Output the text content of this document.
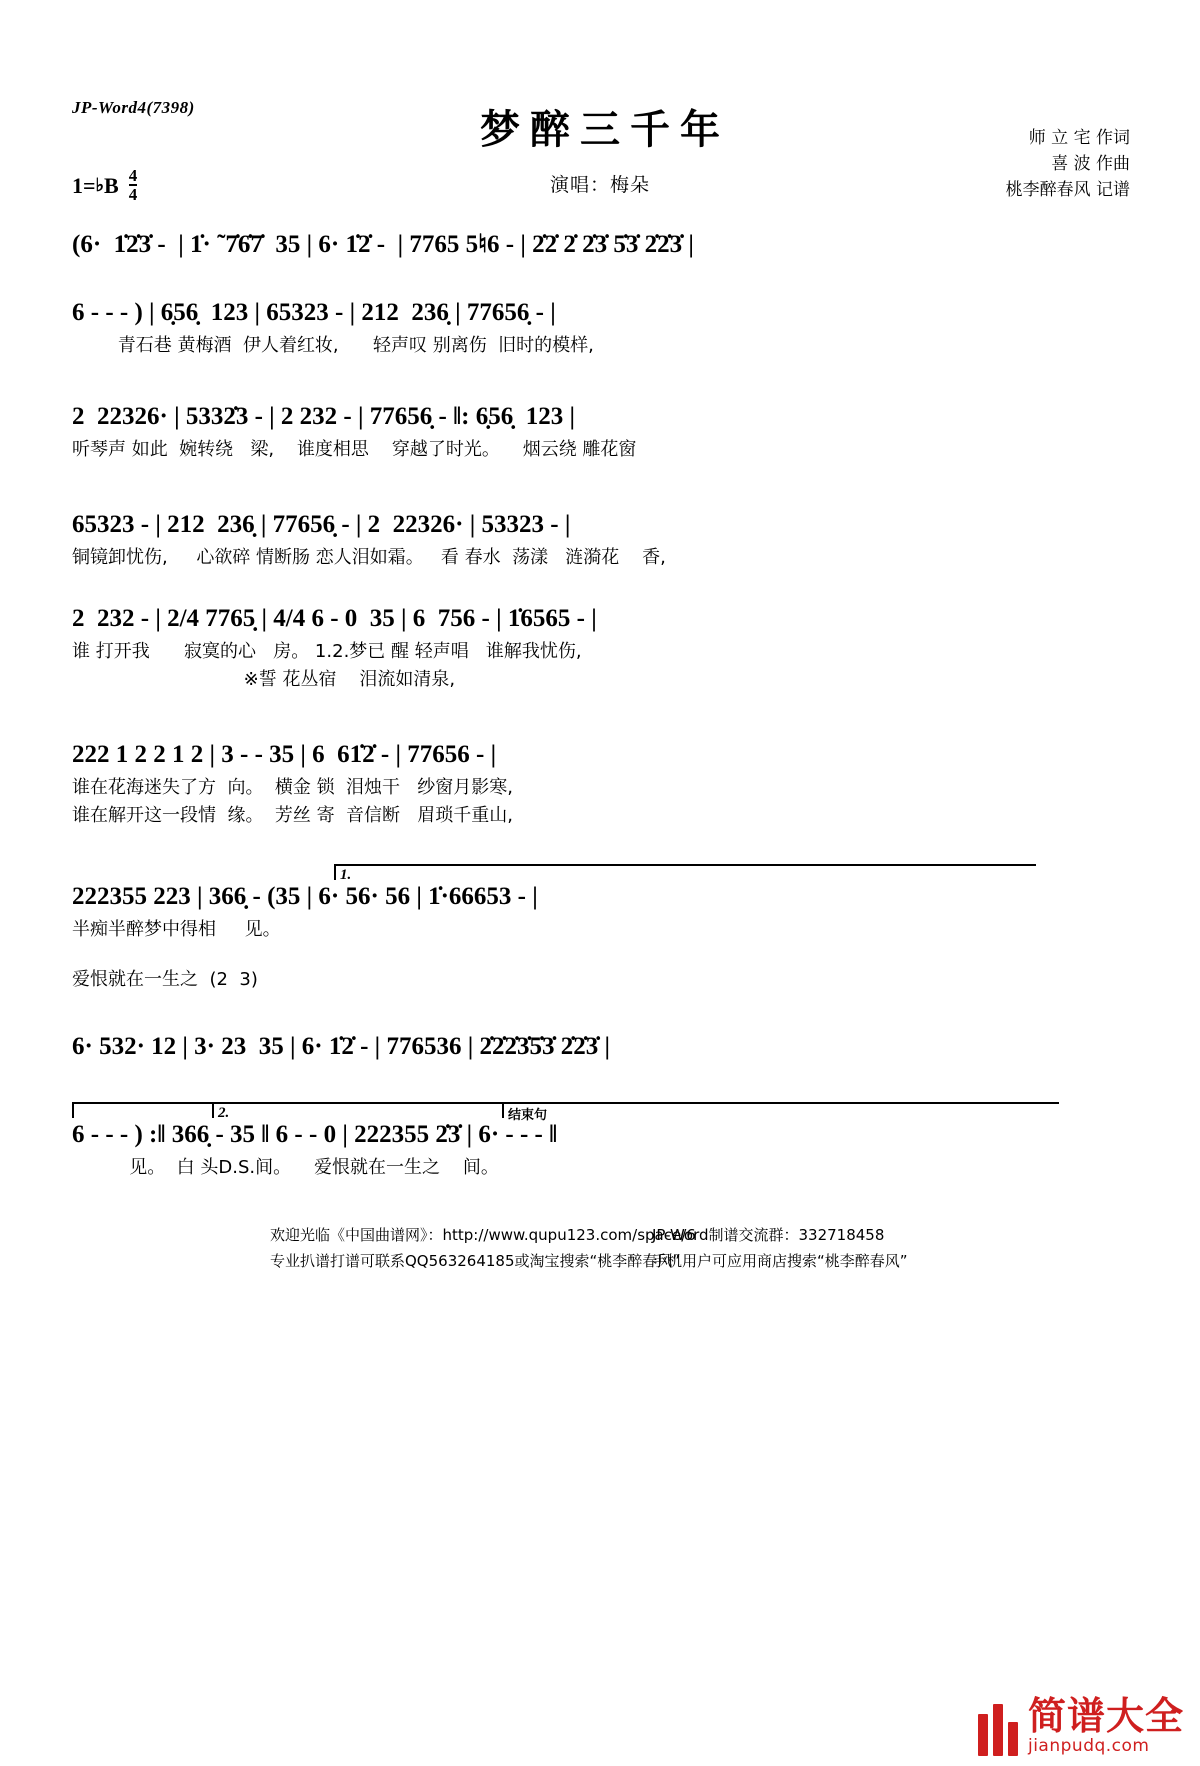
JP-Word4(7398)	梦醉三千年
演唱：梅朵
师 立 宅 作词
喜 波 作曲
桃李醉春风 记谱
1= ♭ B $\frac{4}{4}$
(6·  1̇2̇3̇ -  | 1̇· ˜7̇6̇7̇  35 | 6· 1̇2̇ -  | 7765 5♮6 - | 2̇2̇ 2̇ 2̇3̇ 5̇3̇ 2̇2̇3̇ |
6 - - - ) | 6̣56̣  123 | 65323 - | 212  236̣ | 77656̣ - |
青石巷 黄梅酒  伊人着红妆,      轻声叹 别离伤  旧时的模样,
2  22326· | 5332̇3 - | 2 232 - | 77656̣ - ‖: 6̣56̣  123 |
听琴声 如此  婉转绕   梁,    谁度相思    穿越了时光。    烟云绕 雕花窗
65323 - | 212  236̣ | 77656̣ - | 2  22326· | 53323 - |
铜镜卸忧伤,     心欲碎 情断肠 恋人泪如霜。   看 春水  荡漾   涟漪花    香,
2  232 - | 2/4 7765̣ | 4/4 6 - 0  35 | 6  756 - | 1̇6565 - |
谁 打开我      寂寞的心   房。 1.2.梦已 醒 轻声唱   谁解我忧伤,
※誓 花丛宿    泪流如清泉,
222 1 2 2 1 2 | 3 - - 35 | 6  61̇2̇ - | 77656 - |
谁在花海迷失了方  向。  横金 锁  泪烛干   纱窗月影寒,
谁在解开这一段情  缘。  芳丝 寄  音信断   眉琐千重山,
1.
222355 223 | 366̣ - (35 | 6· 56· 56 | 1̇·66653 - |
半痴半醉梦中得相     见。
爱恨就在一生之  (2  3)
6· 532· 12 | 3· 23  35 | 6· 1̇2̇ - | 776536 | 2̇2̇2̇3̇5̇3̇ 2̇2̇3̇ |
2.	结束句
6 - - - ) :‖ 366̣ - 35 ‖ 6 - - 0 | 222355 2̇3̇ | 6· - - - ‖
见。  白 头D.S.间。    爱恨就在一生之    间。
欢迎光临《中国曲谱网》：http://www.qupu123.com/space/6
专业扒谱打谱可联系QQ563264185或淘宝搜索“桃李醉春风”
JP-Word制谱交流群：332718458
手机用户可应用商店搜索“桃李醉春风”
简谱大全
jianpudq.com
